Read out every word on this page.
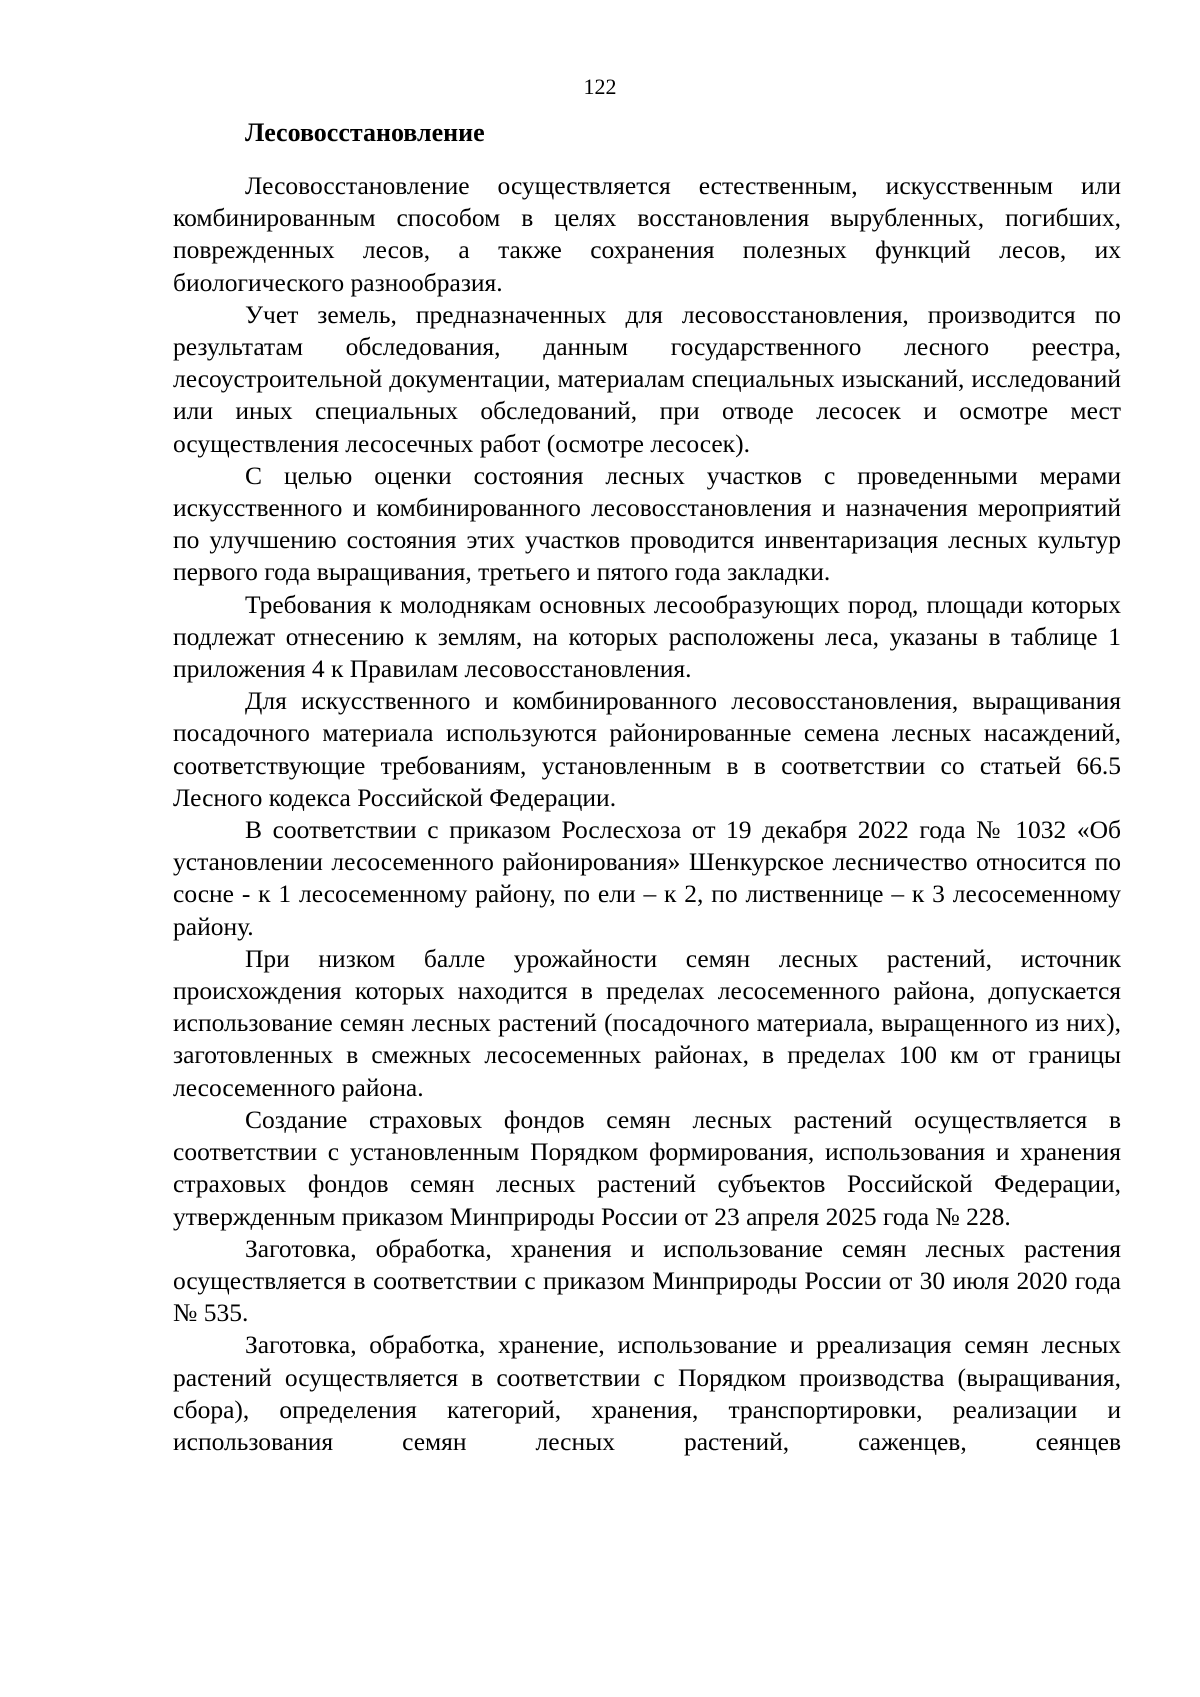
122
Лесовосстановление

Лесовосстановление осуществляется естественным, искусственным или комбинированным способом в целях восстановления вырубленных, погибших, поврежденных лесов, а также сохранения полезных функций лесов, их биологического разнообразия.

Учет земель, предназначенных для лесовосстановления, производится по результатам обследования, данным государственного лесного реестра, лесоустроительной документации, материалам специальных изысканий, исследований или иных специальных обследований, при отводе лесосек и осмотре мест осуществления лесосечных работ (осмотре лесосек).

С целью оценки состояния лесных участков с проведенными мерами искусственного и комбинированного лесовосстановления и назначения мероприятий по улучшению состояния этих участков проводится инвентаризация лесных культур первого года выращивания, третьего и пятого года закладки.

Требования к молоднякам основных лесообразующих пород, площади которых подлежат отнесению к землям, на которых расположены леса, указаны в таблице 1 приложения 4 к Правилам лесовосстановления.

Для искусственного и комбинированного лесовосстановления, выращивания посадочного материала используются районированные семена лесных насаждений, соответствующие требованиям, установленным в в соответствии со статьей 66.5 Лесного кодекса Российской Федерации.

В соответствии с приказом Рослесхоза от 19 декабря 2022 года № 1032 «Об установлении лесосеменного районирования» Шенкурское лесничество относится по сосне - к 1 лесосеменному району, по ели – к 2, по лиственнице – к 3 лесосеменному району.

При низком балле урожайности семян лесных растений, источник происхождения которых находится в пределах лесосеменного района, допускается использование семян лесных растений (посадочного материала, выращенного из них), заготовленных в смежных лесосеменных районах, в пределах 100 км от границы лесосеменного района.

Создание страховых фондов семян лесных растений осуществляется в соответствии с установленным Порядком формирования, использования и хранения страховых фондов семян лесных растений субъектов Российской Федерации, утвержденным приказом Минприроды России от 23 апреля 2025 года № 228.

Заготовка, обработка, хранения и использование семян лесных растения осуществляется в соответствии с приказом Минприроды России от 30 июля 2020 года № 535.

Заготовка, обработка, хранение, использование и рреализация семян лесных растений осуществляется в соответствии с Порядком производства (выращивания, сбора), определения категорий, хранения, транспортировки, реализации и использования семян лесных растений, саженцев, сеянцев
